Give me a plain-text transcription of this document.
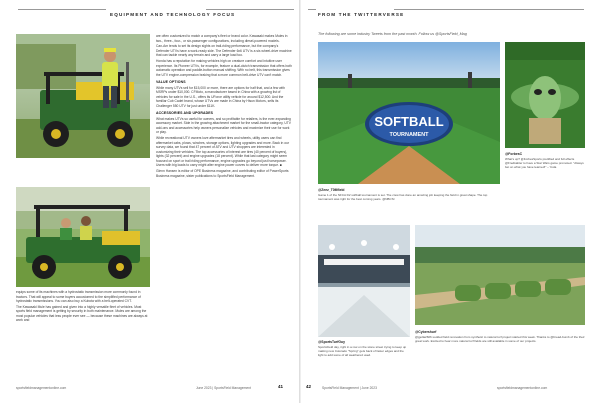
EQUIPMENT AND TECHNOLOGY FOCUS

equips some of its machines with a hydrostatic transmission more commonly found in tractors. That will appeal to some buyers accustomed to the simplified performance of hydrostatic transmissions. You can also buy a Kubota with a belt-operated CVT.

The Kawasaki Mule has gained and given into a highly versatile fleet of vehicles. Most sports field management is getting by security in both maintenance. Mules are among the most popular vehicles that less people ever see — because these machines are always at work and

are often customized to match a company's fleet or brand color. Kawasaki makes Mules in two-, three-, four-, or six-passenger configurations, including diesel-powered models.

Can-Am tends to set its design sights on trail-riding performance, but the company's Defender UTVs have a work-ready side. The Defender 6x6 UTV is a six-wheel-drive machine that can tackle nearly any terrain and carry a large load too.

Honda has a reputation for making vehicles high on creature comfort and intuitive user experience. Its Pioneer UTVs, for example, feature a dual-clutch transmission that offers both automatic operation and paddle-button manual shifting. With no belt, this transmission gives the UTV engine-compression braking that a more common belt-drive UTV can't match.

VALUE OPTIONS

While many UTVs sell for $15,000 or more, there are options for half that, and a few with MSRPs under $10,000. CFMoto, a manufacturer based in China with a growing list of vehicles for sale in the U.S., offers its UForce utility vehicle for around $12,500. And the familiar Cub Cadet brand, whose UTVs are made in China by Hisun Motors, sells its Challenger 550 UTV for just under $11K.

ACCESSORIES AND UPGRADES

What makes UTVs so useful for owners, and so profitable for retailers, is the ever-expanding accessory market. Side in the growing attachment market for the small-tractor category, UTV add-ons and accessories help owners personalize vehicles and maximize their use for work or play.

While recreational UTV owners love aftermarket tires and wheels, utility users can find aftermarket cabs, plows, winches, storage options, lighting upgrades and more. Back in our survey data, we found that 47 percent of ATV and UTV shoppers are interested in customizing their vehicles. The top accessories of interest are tires (40 percent of buyers), lights (32 percent) and engine upgrades (18 percent). While that last category might seem focused on sport or trail riding performance, engine upgrades go beyond just horsepower. Users with big loads to carry might alter engine power curves to deliver more torque. ■

Glenn Hansen is editor of OPE Business magazine, and contributing editor of PowerSports Business magazine, sister publications to SportsField Management.

sportsfieldmanagementonline.com	June 2023 | SportsField Management	41
FROM THE TWITTERVERSE
The following are some industry Tweets from the past month. Follow us @SportsField_Mag
SOFTBALL
TOURNAMENT
@Zeez_T0Mfield
Game 1 of the NFCA D2 softball tournament is set. The crew has done an amazing job keeping the field in great shape. The top tournament was right for the best coming years. @NBCSI
@ForbesC
What's up? @ForbesSports prettified and full effects @Fredkabler to have a Star Wars game promoted. "Always bet on what you have learned!" – Yoda
@SportsTurfGuy
SportsField day, right in a row on the stone street trying to keep up making new Colorado "Spring" gets back of faster edges and the light to add some of all weathered used.
@Cybershurf
@jgolla2606 sodded field renovation from synthetic to natural turf project started this week. Thanks to @bread-bumb of the their great work. Excited to hear more natural turf fields are still available in some of our projects.
42	SportsField Management | June 2023	sportsfieldmanagementonline.com
